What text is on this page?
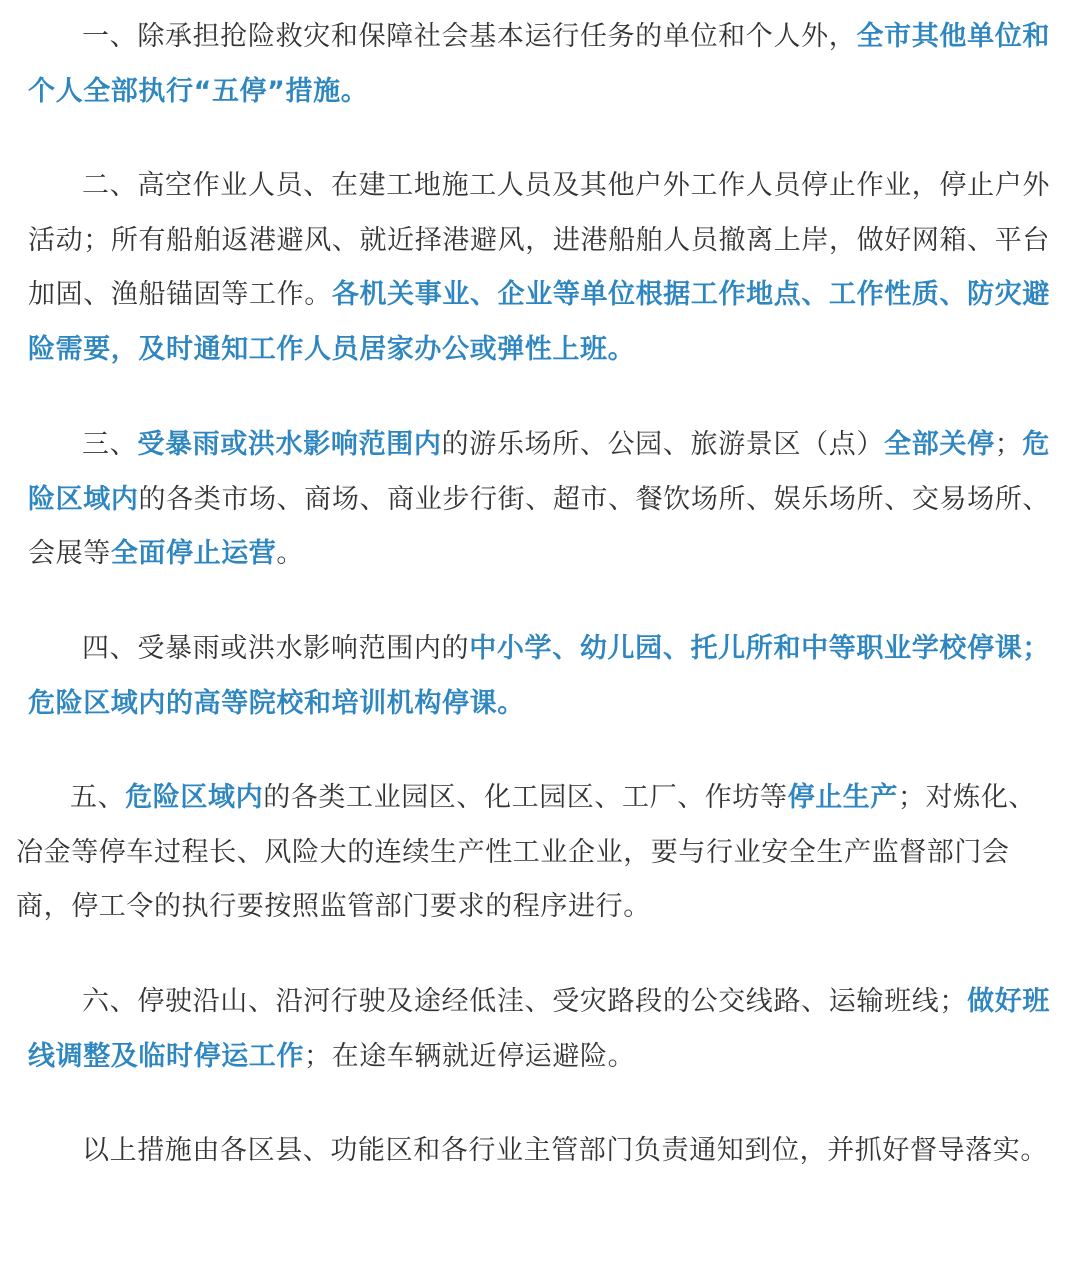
一、除承担抢险救灾和保障社会基本运行任务的单位和个人外，全市其他单位和个人全部执行“五停”措施。

二、高空作业人员、在建工地施工人员及其他户外工作人员停止作业，停止户外活动；所有船舶返港避风、就近择港避风，进港船舶人员撤离上岸，做好网箱、平台加固、渔船锚固等工作。各机关事业、企业等单位根据工作地点、工作性质、防灾避险需要，及时通知工作人员居家办公或弹性上班。

三、受暴雨或洪水影响范围内的游乐场所、公园、旅游景区（点）全部关停；危险区域内的各类市场、商场、商业步行街、超市、餐饮场所、娱乐场所、交易场所、会展等全面停止运营。

四、受暴雨或洪水影响范围内的中小学、幼儿园、托儿所和中等职业学校停课；危险区域内的高等院校和培训机构停课。

五、危险区域内的各类工业园区、化工园区、工厂、作坊等停止生产；对炼化、冶金等停车过程长、风险大的连续生产性工业企业，要与行业安全生产监督部门会商，停工令的执行要按照监管部门要求的程序进行。

六、停驶沿山、沿河行驶及途经低洼、受灾路段的公交线路、运输班线；做好班线调整及临时停运工作；在途车辆就近停运避险。

以上措施由各区县、功能区和各行业主管部门负责通知到位，并抓好督导落实。
